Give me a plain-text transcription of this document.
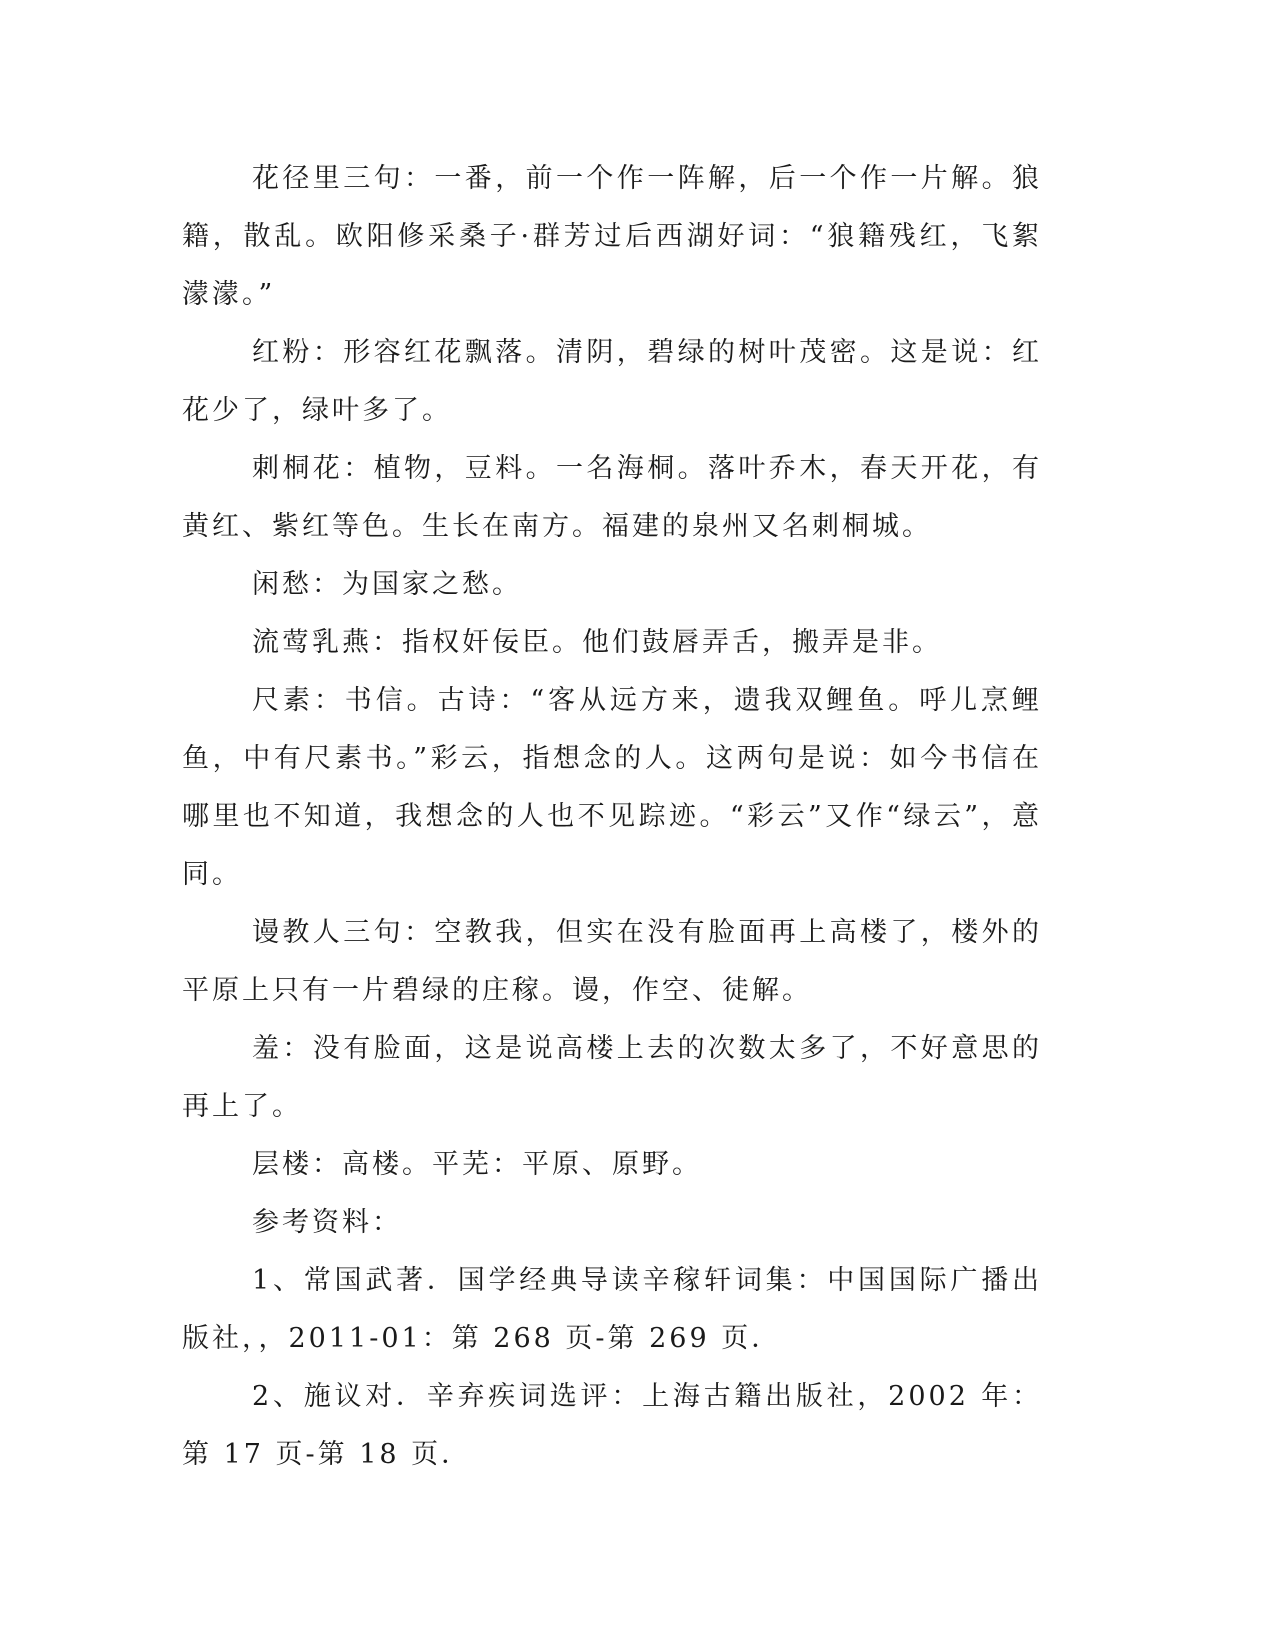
花径里三句：一番，前一个作一阵解，后一个作一片解。狼籍，散乱。欧阳修采桑子·群芳过后西湖好词：“狼籍残红，飞絮濛濛。”

红粉：形容红花飘落。清阴，碧绿的树叶茂密。这是说：红花少了，绿叶多了。

刺桐花：植物，豆料。一名海桐。落叶乔木，春天开花，有黄红、紫红等色。生长在南方。福建的泉州又名刺桐城。

闲愁：为国家之愁。

流莺乳燕：指权奸佞臣。他们鼓唇弄舌，搬弄是非。

尺素：书信。古诗：“客从远方来，遗我双鲤鱼。呼儿烹鲤鱼，中有尺素书。”彩云，指想念的人。这两句是说：如今书信在哪里也不知道，我想念的人也不见踪迹。“彩云”又作“绿云”，意同。

谩教人三句：空教我，但实在没有脸面再上高楼了，楼外的平原上只有一片碧绿的庄稼。谩，作空、徒解。

羞：没有脸面，这是说高楼上去的次数太多了，不好意思的再上了。

层楼：高楼。平芜：平原、原野。

参考资料：

1、常国武著．国学经典导读辛稼轩词集：中国国际广播出版社，，2011-01：第 268 页-第 269 页．

2、施议对．辛弃疾词选评：上海古籍出版社，2002 年：第 17 页-第 18 页．
